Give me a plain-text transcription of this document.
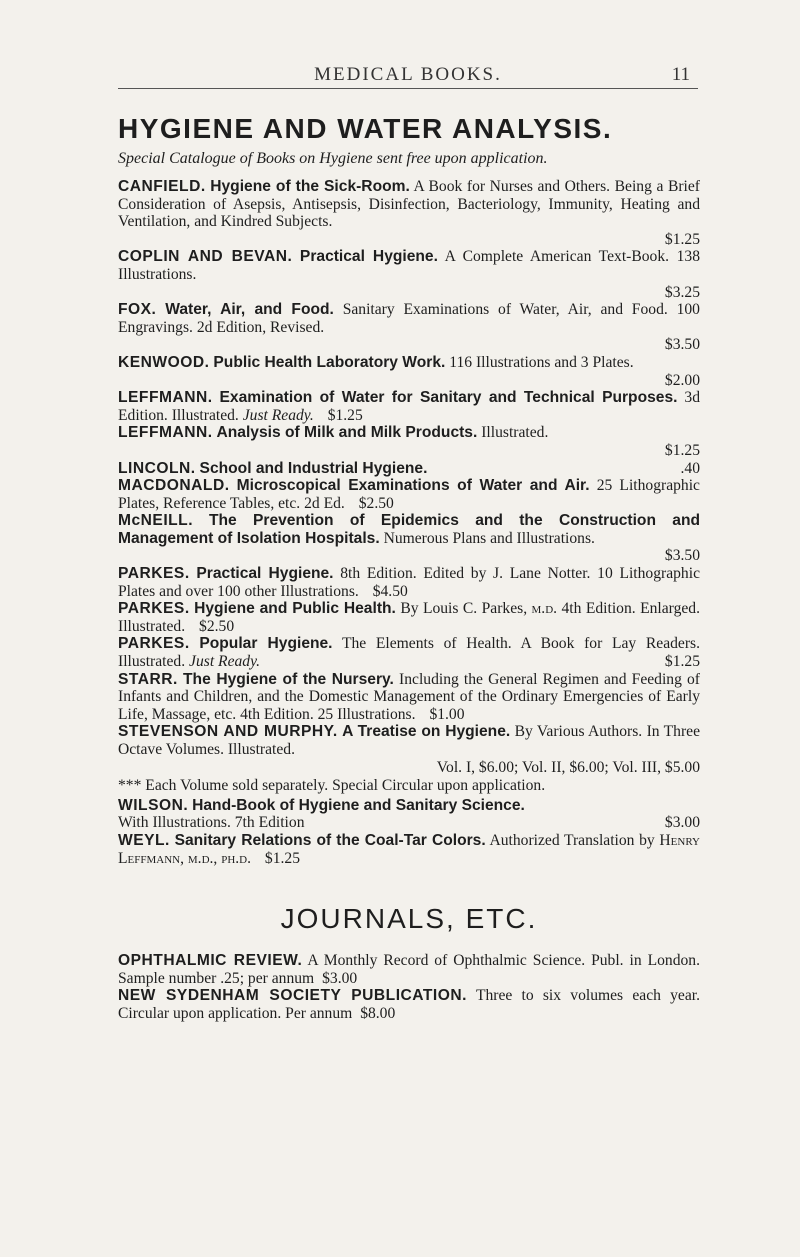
MEDICAL BOOKS.	11
HYGIENE AND WATER ANALYSIS.

Special Catalogue of Books on Hygiene sent free upon application.

CANFIELD. Hygiene of the Sick-Room. A Book for Nurses and Others. Being a Brief Consideration of Asepsis, Antisepsis, Disinfection, Bacteriology, Immunity, Heating and Ventilation, and Kindred Subjects.
$1.25
COPLIN AND BEVAN. Practical Hygiene. A Complete American Text-Book. 138 Illustrations.
$3.25
FOX. Water, Air, and Food. Sanitary Examinations of Water, Air, and Food. 100 Engravings. 2d Edition, Revised.
$3.50
KENWOOD. Public Health Laboratory Work. 116 Illustrations and 3 Plates.
$2.00
LEFFMANN. Examination of Water for Sanitary and Technical Purposes. 3d Edition. Illustrated. Just Ready. $1.25
LEFFMANN. Analysis of Milk and Milk Products. Illustrated.
$1.25
LINCOLN. School and Industrial Hygiene.	.40
MACDONALD. Microscopical Examinations of Water and Air. 25 Lithographic Plates, Reference Tables, etc. 2d Ed. $2.50
McNEILL. The Prevention of Epidemics and the Construction and Management of Isolation Hospitals. Numerous Plans and Illustrations.
$3.50
PARKES. Practical Hygiene. 8th Edition. Edited by J. Lane Notter. 10 Lithographic Plates and over 100 other Illustrations. $4.50
PARKES. Hygiene and Public Health. By Louis C. Parkes, m.d. 4th Edition. Enlarged. Illustrated. $2.50
PARKES. Popular Hygiene. The Elements of Health. A Book for Lay Readers. Illustrated. Just Ready.	$1.25
STARR. The Hygiene of the Nursery. Including the General Regimen and Feeding of Infants and Children, and the Domestic Management of the Ordinary Emergencies of Early Life, Massage, etc. 4th Edition. 25 Illustrations. $1.00
STEVENSON AND MURPHY. A Treatise on Hygiene. By Various Authors. In Three Octave Volumes. Illustrated.
Vol. I, $6.00; Vol. II, $6.00; Vol. III, $5.00
*** Each Volume sold separately. Special Circular upon application.
WILSON. Hand-Book of Hygiene and Sanitary Science.
With Illustrations. 7th Edition	$3.00
WEYL. Sanitary Relations of the Coal-Tar Colors. Authorized Translation by Henry Leffmann, m.d., ph.d. $1.25
JOURNALS, ETC.
OPHTHALMIC REVIEW. A Monthly Record of Ophthalmic Science. Publ. in London. Sample number .25; per annum $3.00
NEW SYDENHAM SOCIETY PUBLICATION. Three to six volumes each year. Circular upon application. Per annum $8.00
